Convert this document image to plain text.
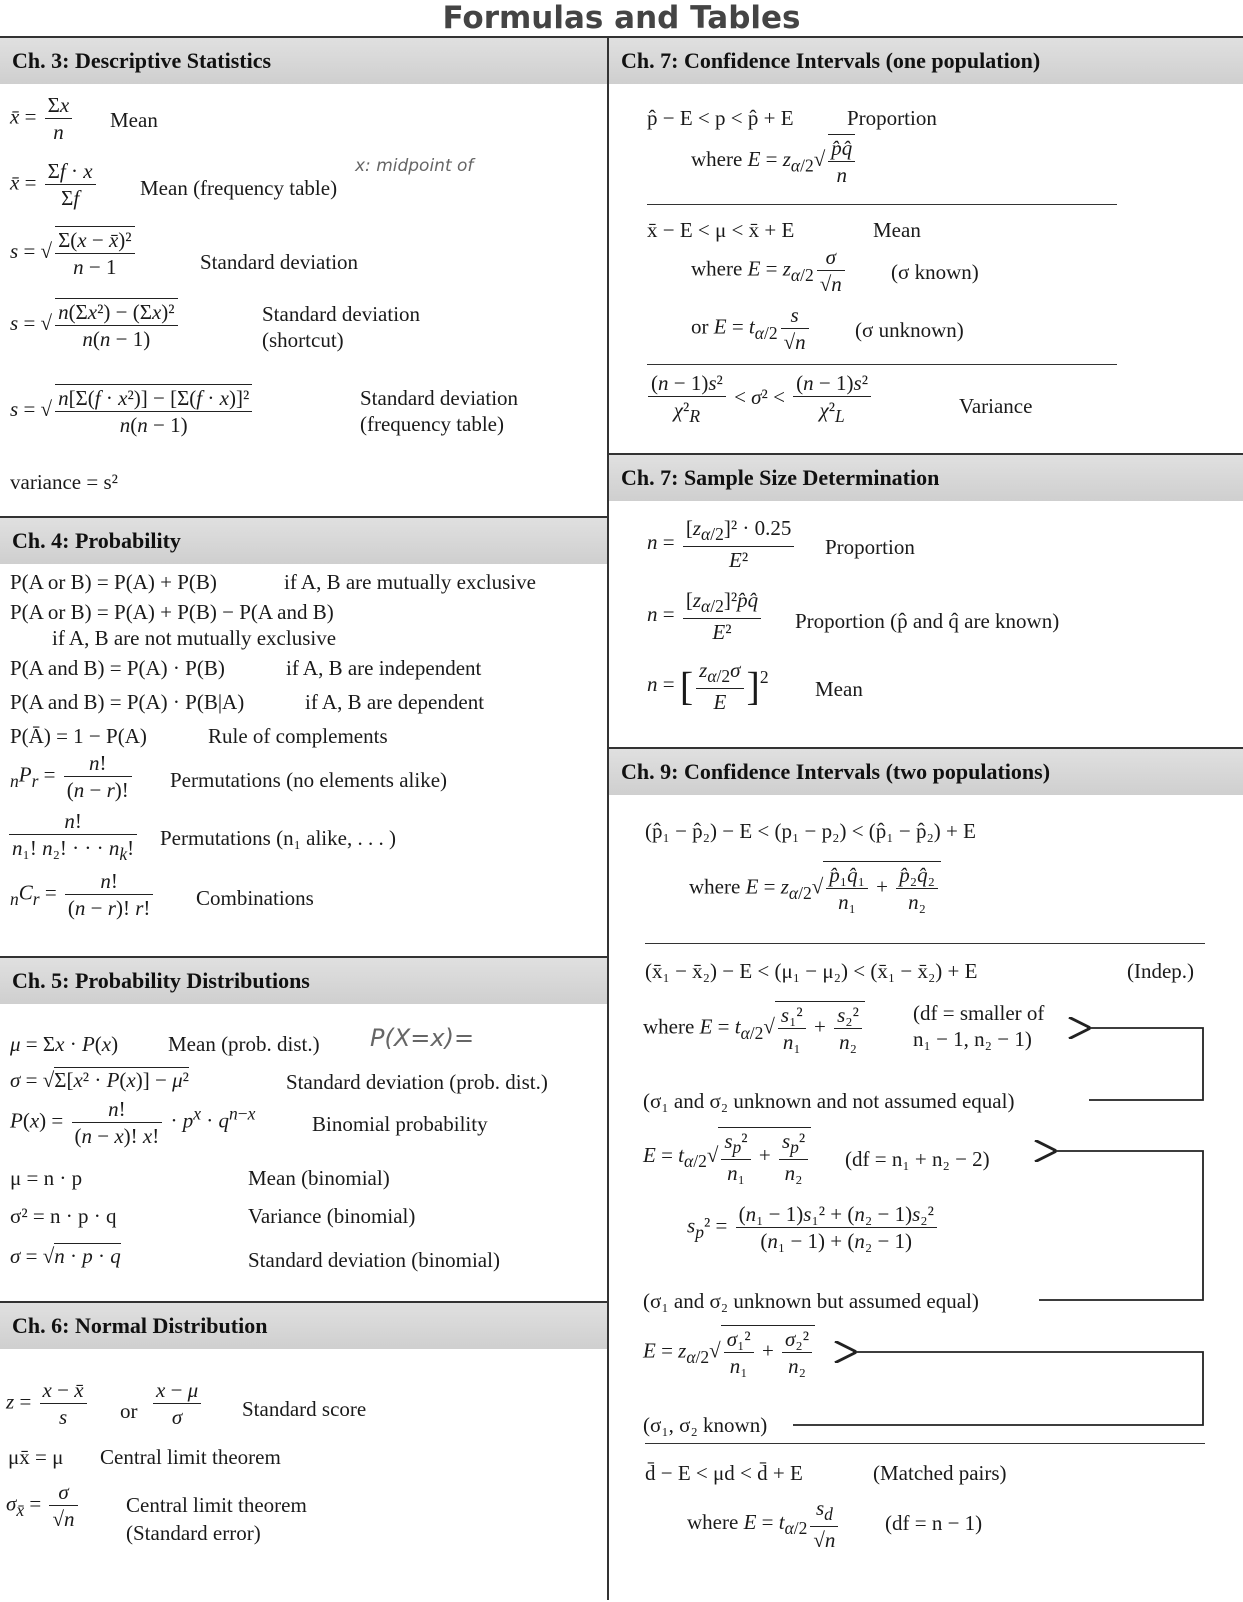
Formulas and Tables
Ch. 3: Descriptive Statistics
x̄ = $\frac{\Sigma x}{n}$ Mean
x̄ = $\frac{\Sigma f \cdot x}{\Sigma f}$ Mean (frequency table)
x: midpoint of
s = √ $\frac{\text{Σ(x − x̄)²}}{n - 1}$	Standard deviation
s = √ $\frac{\text{n(Σx²) − (Σx)²}}{n(n - 1)}$	Standard deviation
(shortcut)
s = √ $\frac{\text{n[Σ(f · x²)] − [Σ(f · x)]²}}{n(n - 1)}$	Standard deviation
(frequency table)
variance = s²
Ch. 4: Probability
P(A or B) = P(A) + P(B)	if A, B are mutually exclusive
P(A or B) = P(A) + P(B) − P(A and B)
if A, B are not mutually exclusive
P(A and B) = P(A) · P(B)	if A, B are independent
P(A and B) = P(A) · P(B|A)	if A, B are dependent
P(Ā) = 1 − P(A)	Rule of complements
$_nP_r = \frac{n!}{(n - r)!}$ Permutations (no elements alike)
$\frac{n!}{n_1! n_2! \cdot \cdot \cdot n_k!}$ Permutations (n₁ alike, . . . )
$_nC_r = \frac{n!}{(n - r)! r!}$ Combinations
Ch. 5: Probability Distributions
μ = Σx · P(x) Mean (prob. dist.) P(X=x)=
σ = √Σ[x² · P(x)] − μ²	Standard deviation (prob. dist.)
$P(x) = \frac{n!}{(n - x)! x!} \cdot p^x \cdot q^{n-x}$	Binomial probability
μ = n · p	Mean (binomial)
σ² = n · p · q	Variance (binomial)
σ = √n · p · q	Standard deviation (binomial)
Ch. 6: Normal Distribution
$z = \frac{x - x̄}{s}$ or $\frac{x - \mu}{\sigma}$ Standard score
μx̄ = μ Central limit theorem
$\sigma_{x̄} = \frac{\sigma}{√n}$ Central limit theorem
(Standard error)
Ch. 7: Confidence Intervals (one population)
p̂ − E < p < p̂ + E	Proportion
where $E = z_{\alpha/2}√ \frac{p̂q̂}{n}$
x̄ − E < μ < x̄ + E	Mean
where $E = z_{\alpha/2} \frac{\sigma}{√n} (\sigma$ known)
or $E = t_{\alpha/2} \frac{s}{√n} (\sigma$ unknown)
$\frac{\text{(n − 1)s²}}{\chi^2_R} < \sigma^2 < \frac{\text{(n − 1)s²}}{\chi^2_L}$	Variance
Ch. 7: Sample Size Determination
$n = \frac{[z_{\alpha/2}]^2 \cdot 0.25}{\text{E²}}$ Proportion
$n = \frac{[z_{\alpha/2}]^2p̂q̂}{\text{E²}}$ Proportion (p̂ and q̂ are known)
n = [ $\frac{z_{\alpha/2}\sigma}{E} ]^2$
Mean
Ch. 9: Confidence Intervals (two populations)
(p̂₁ − p̂₂) − E < (p₁ − p₂) < (p̂₁ − p̂₂) + E
where $E = z_{\alpha/2}√ \frac{\text{p̂₁q̂₁}}{\text{n₁}} + \frac{\text{p̂₂q̂₂}}{\text{n₂}}$
(x̄₁ − x̄₂) − E < (μ₁ − μ₂) < (x̄₁ − x̄₂) + E	(Indep.)
where $E = t_{\alpha/2}√ \frac{\text{s₁²}}{\text{n₁}} + \frac{\text{s₂²}}{\text{n₂}} (df$ = smaller of
n₁ − 1, n₂ − 1)
(σ₁ and σ₂ unknown and not assumed equal)
$E = t_{\alpha/2}√ \frac{s_p^2}{\text{n₁}} + \frac{s_p^2}{\text{n₂}} (df = n_1 + n_2 - 2)$
$s_p^2 = \frac{\text{(n₁ − 1)s₁² + (n₂ − 1)s₂²}}{\text{(n₁ − 1) + (n₂ − 1)}}$
(σ₁ and σ₂ unknown but assumed equal)
$E = z_{\alpha/2}√ \frac{\text{σ₁²}}{\text{n₁}} + \frac{\text{σ₂²}}{\text{n₂}}$
(σ₁, σ₂ known)
d̄ − E < μd < d̄ + E	(Matched pairs)
where $E = t_{\alpha/2} \frac{s_d}{√n} (df = n - 1)$
